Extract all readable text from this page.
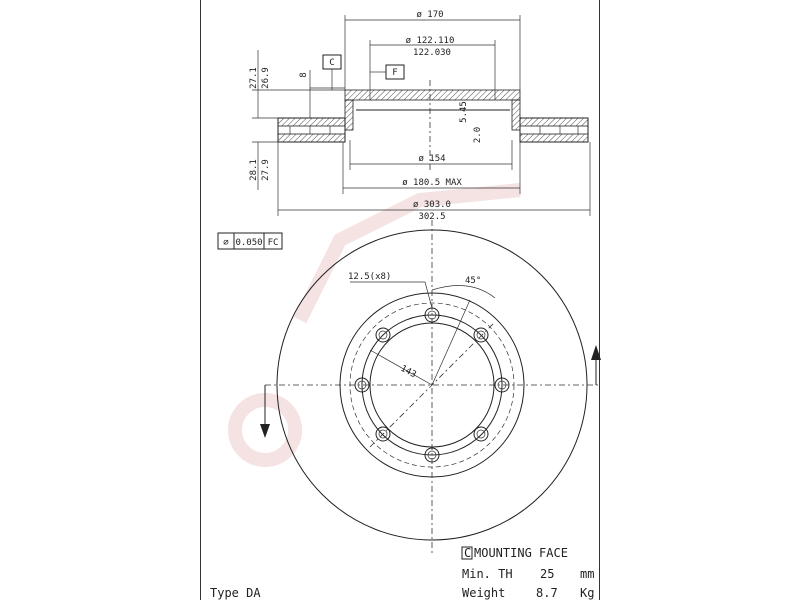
ø 170
ø 122.110
122.030
ø 154
ø 180.5 MAX
ø 303.0
302.5
27.1 26.9	8
28.1 27.9
5.45
2.0
C
F
⌀ 0.050 FC
12.5(x8)	45°
143
C MOUNTING FACE
Min. TH 25 mm
Weight	8.7 Kg
Type DA
